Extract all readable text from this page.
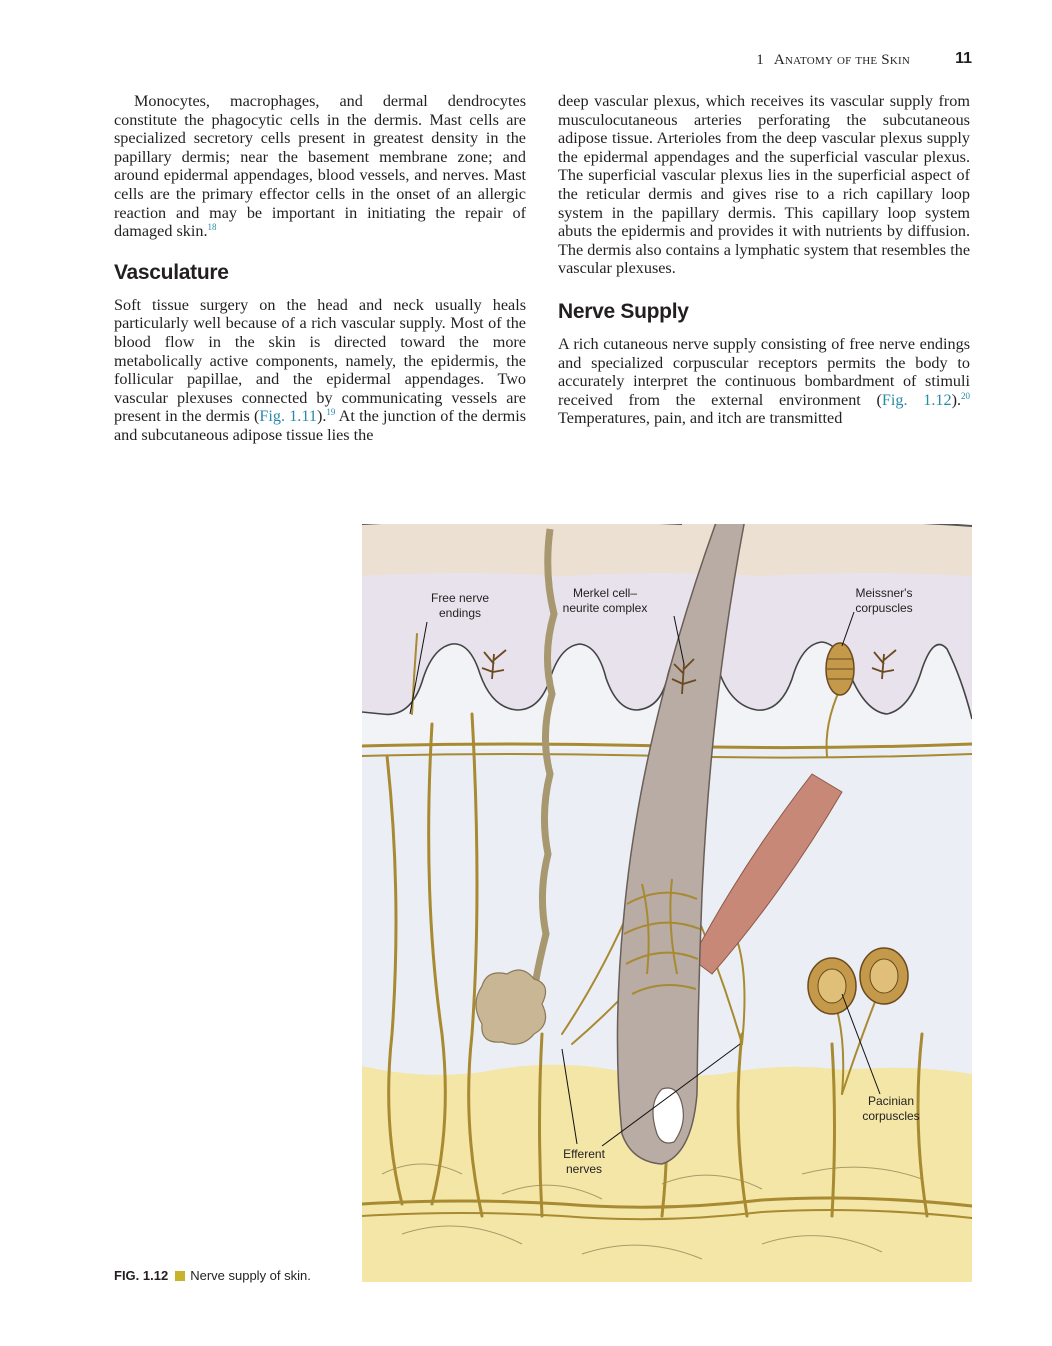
1 Anatomy of the Skin	11

Monocytes, macrophages, and dermal dendrocytes constitute the phagocytic cells in the dermis. Mast cells are specialized secretory cells present in greatest density in the papillary dermis; near the basement membrane zone; and around epidermal appendages, blood vessels, and nerves. Mast cells are the primary effector cells in the onset of an allergic reaction and may be important in initiating the repair of damaged skin.$^{18}$

Vasculature

Soft tissue surgery on the head and neck usually heals particularly well because of a rich vascular supply. Most of the blood flow in the skin is directed toward the more metabolically active components, namely, the epidermis, the follicular papillae, and the epidermal appendages. Two vascular plexuses connected by communicating vessels are present in the dermis (Fig. 1.11).$^{19}$ At the junction of the dermis and subcutaneous adipose tissue lies the

deep vascular plexus, which receives its vascular supply from musculocutaneous arteries perforating the subcutaneous adipose tissue. Arterioles from the deep vascular plexus supply the epidermal appendages and the superficial vascular plexus. The superficial vascular plexus lies in the superficial aspect of the reticular dermis and gives rise to a rich capillary loop system in the papillary dermis. This capillary loop system abuts the epidermis and provides it with nutrients by diffusion. The dermis also contains a lymphatic system that resembles the vascular plexuses.

Nerve Supply

A rich cutaneous nerve supply consisting of free nerve endings and specialized corpuscular receptors permits the body to accurately interpret the continuous bombardment of stimuli received from the external environment (Fig. 1.12).$^{20}$ Temperatures, pain, and itch are transmitted

Free nerve
endings
Merkel cell–
neurite complex
Meissner's
corpuscles
Pacinian
corpuscles
Efferent
nerves
FIG. 1.12 Nerve supply of skin.
